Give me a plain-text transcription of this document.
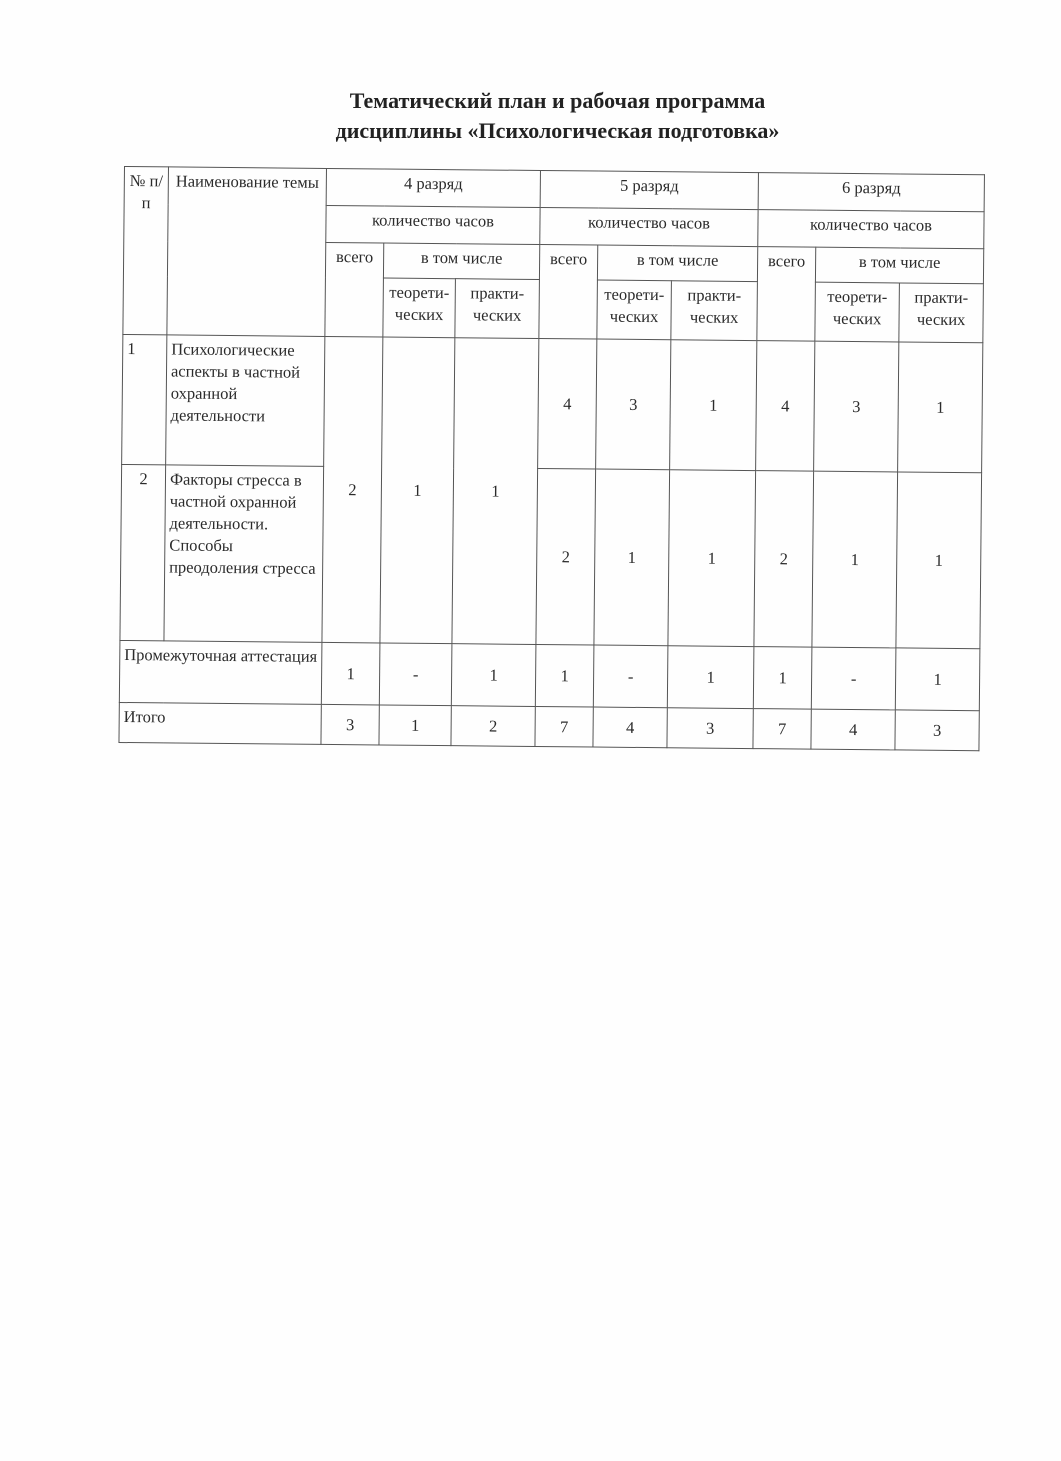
Тематический план и рабочая программа
дисциплины «Психологическая подготовка»
№ п/п	Наименование темы	4 разряд			5 разряд			6 разряд		
		количество часов			количество часов			количество часов		
		всего	в том числе		всего	в том числе		всего	в том числе	
			теорети-ческих	практи-ческих		теорети-ческих	практи-ческих		теорети-ческих	практи-ческих
1	Психологические аспекты в частной охранной деятельности	2	1	1	4	3	1	4	3	1
2	Факторы стресса в частной охранной деятельности. Способы преодоления стресса				2	1	1	2	1	1
Промежуточная аттестация		1	-	1	1	-	1	1	-	1
Итого		3	1	2	7	4	3	7	4	3
